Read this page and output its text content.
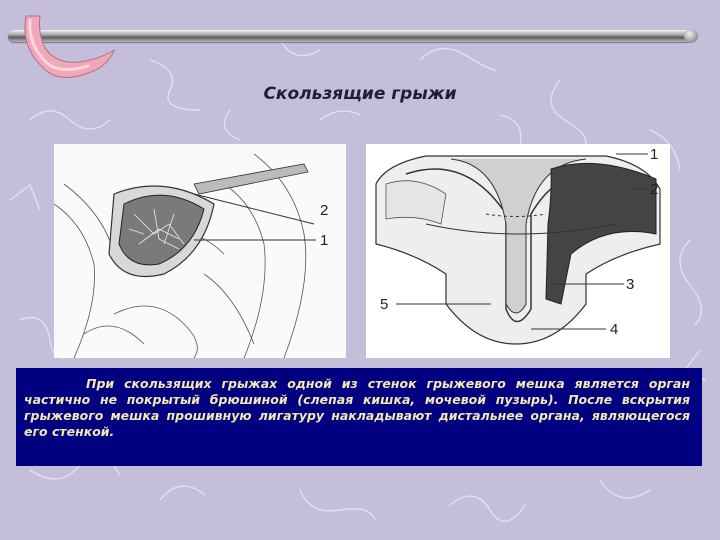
Скользящие грыжи
2
1
1
2
3
5
4

При скользящих грыжах одной из стенок грыжевого мешка является орган частично не покрытый брюшиной (слепая кишка, мочевой пузырь). После вскрытия грыжевого мешка прошивную лигатуру накладывают дистальнее органа, являющегося его стенкой.
